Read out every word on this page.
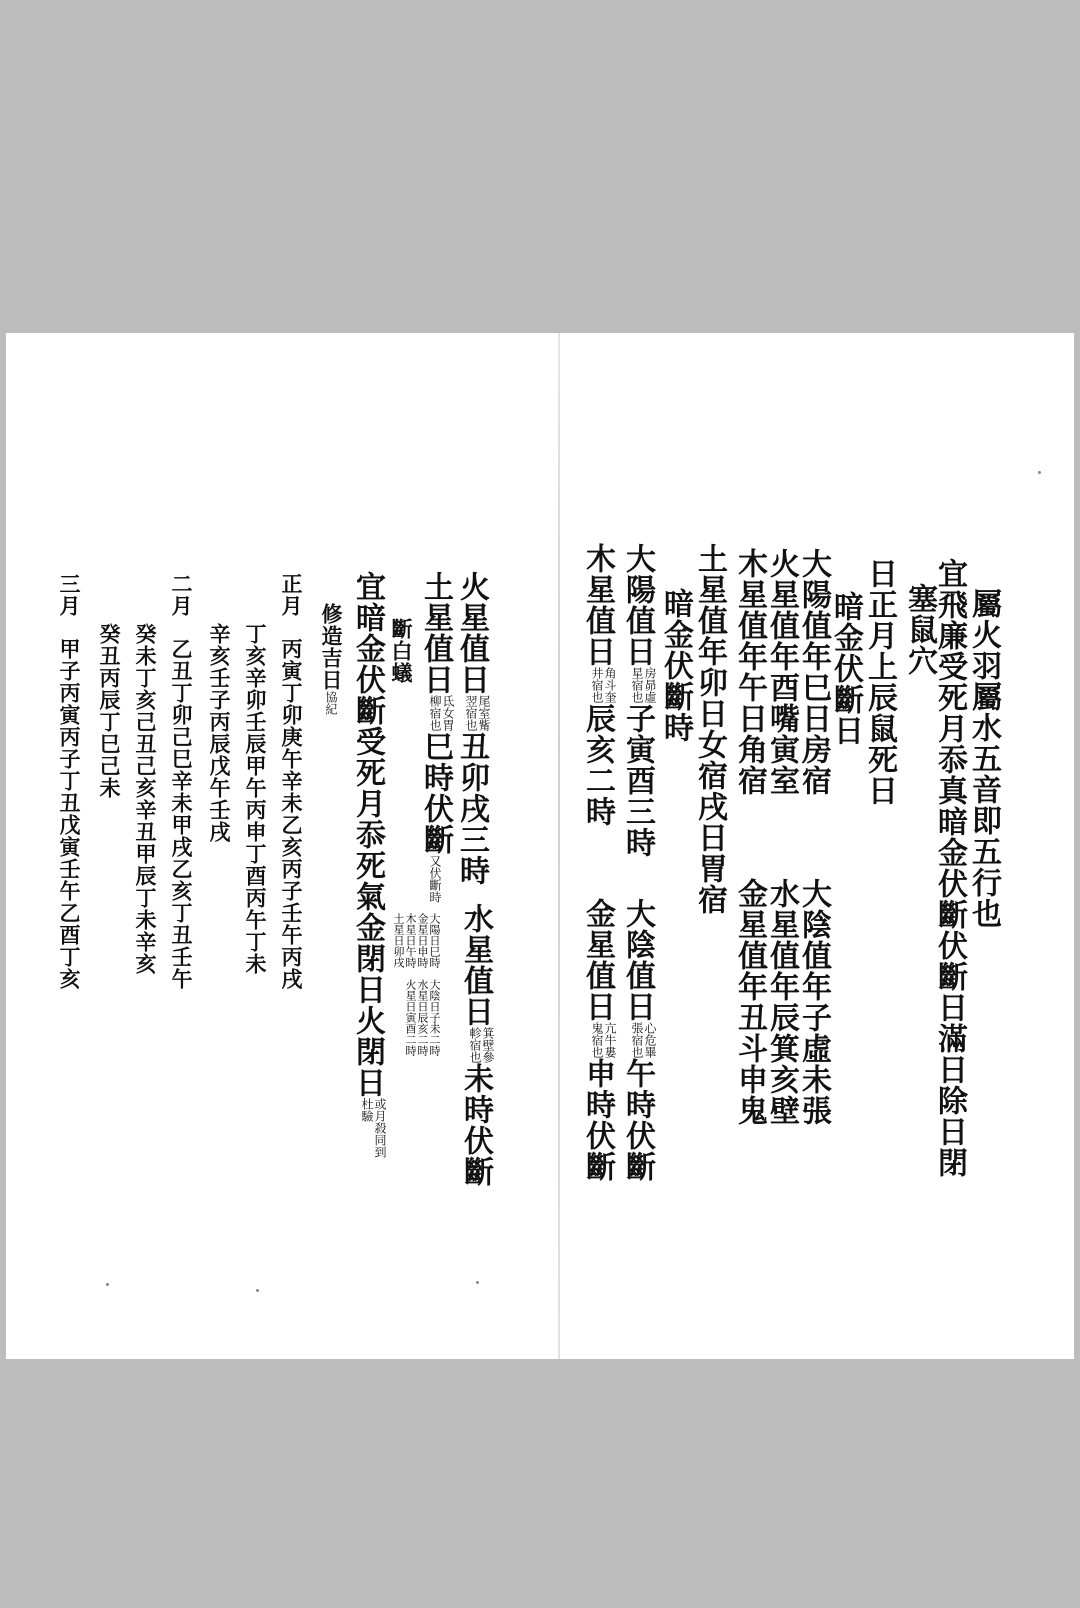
屬火羽屬水五音即五行也
宜飛廉受死月忝真暗金伏斷伏斷日滿日除日閉
塞鼠穴
日正月上辰鼠死日
暗金伏斷日
大陽值年巳日房宿
大陰值年子虛未張
火星值年酉嘴寅室
水星值年辰箕亥壁
木星值年午日角宿
金星值年丑斗申鬼
土星值年卯日女宿戌日胃宿
暗金伏斷時
大陽值日房昴虛
星宿也子寅酉三時
大陰值日心危畢
張宿也午時伏斷
木星值日角斗奎
井宿也辰亥二時
金星值日亢牛婁
鬼宿也申時伏斷
火星值日尾室觜
翌宿也丑卯戌三時
水星值日箕壁參
軫宿也未時伏斷
土星值日氐女胃
柳宿也巳時伏斷又伏斷時
斷白蟻
大陽日巳時　大陰日子未二時
金星日申時　水星日辰亥二時
木星日午時　火星日寅酉二時
土星日卯戌
宜暗金伏斷受死月忝死氣金閉日火閉日或月殺同到
杜驗
修造吉日協紀
正月
丙寅丁卯庚午辛未乙亥丙子壬午丙戌
丁亥辛卯壬辰甲午丙申丁酉丙午丁未
辛亥壬子丙辰戊午壬戌
二月
乙丑丁卯己巳辛未甲戌乙亥丁丑壬午
癸未丁亥己丑己亥辛丑甲辰丁未辛亥
癸丑丙辰丁巳己未
三月
甲子丙寅丙子丁丑戊寅壬午乙酉丁亥
